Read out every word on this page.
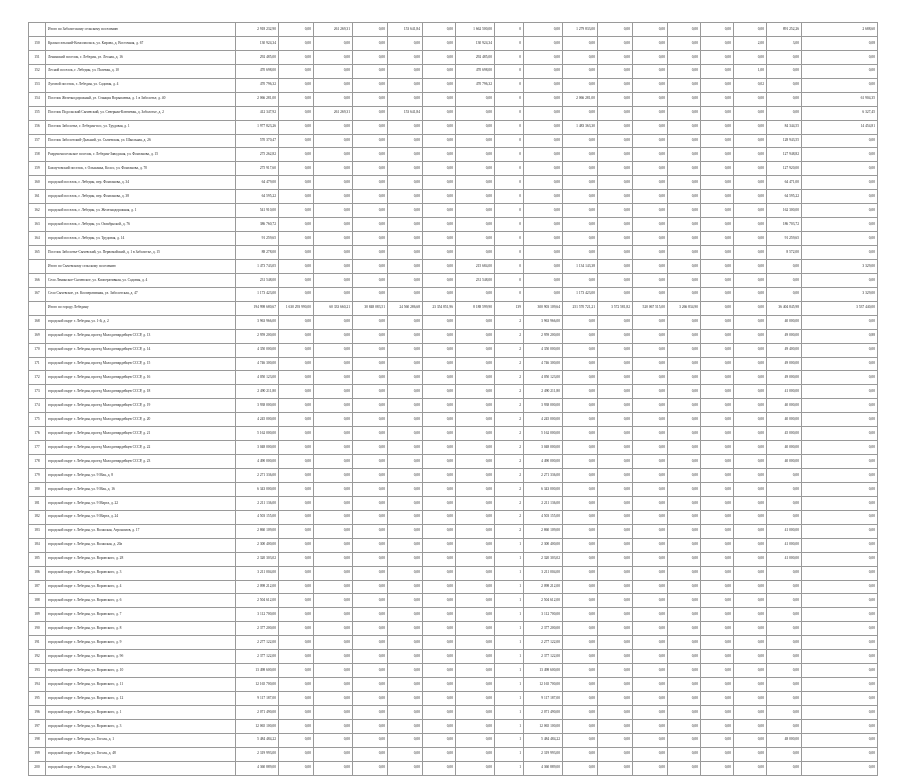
	Итого по Заболотскому сельскому поселению	2 918 232,90	0,00	261 269,31	0,00	153 641,84	0,00	1 662 500,00	0	0,00	1 279 833,00	0,00	0,00	0,00	0,00	0,00	891 252,26	2 688,60
150	Красносельский-Комсомольск, ул. Кирова, д. Восточная, д. 67	130 924,34	0,00	0,00	0,00	0,00	0,00	130 924,34	0	0,00	0,00	0,00	0,00	0,00	0,00	2,00	3,00	0,08
151	Ленинский поселок, г. Лебедин, ул. Лесная, д. 16	292 485,00	0,00	0,00	0,00	0,00	0,00	292 485,00	0	0,00	0,00	0,00	0,00	0,00	0,00	0,00	0,00	0,00
152	Лесной поселок, г. Лебедин, ул. Полевая, д. 10	470 698,00	0,00	0,00	0,00	0,00	0,00	470 698,00	0	0,00	0,00	0,00	0,00	0,00	0,00	1,00	0,00	0,00
153	Луговой поселок, г. Лебедин, ул. Садовая, д. 4	470 796,32	0,00	0,00	0,00	0,00	0,00	470 796,32	0	0,00	0,00	0,00	0,00	0,00	0,00	0,02	0,00	0,00
154	Поселок Железнодорожный, ул. Станция Ворыпаевка, д. 1 в Заболотье, д. 40	2 066 281,00	0,00	0,00	0,00	0,00	0,00	0,00	0	0,00	2 066 281,00	0,00	0,00	0,00	0,00	0,00	0,00	61 904,35
155	Поселок Подольский Сычевский, ул. Северная-Ключевая, д. Заболотье, д. 2	412 347,92	0,00	261 269,31	0,00	153 641,84	0,00	0,00	0	0,00	0,00	0,00	0,00	0,00	0,00	0,00	0,00	6 327,45
156	Поселок Заболотье, г. Лебедин-пос, ул. Трудовая, д. 1	1 977 823,26	0,00	0,00	0,00	0,00	0,00	0,00	0	0,00	1 483 363,30	0,00	0,00	0,00	0,00	0,00	84 344,55	14 454,81
157	Поселок Заболотский-Дальний, ул. Сычевская, ул. Школьная, д. 26	570 370,47	0,00	0,00	0,00	0,00	0,00	0,00	0	0,00	0,00	0,00	0,00	0,00	0,00	0,00	128 943,55	0,00
158	Разрушеносельское поселок, г. Лебедин-Заводская, ул. Фонтанова, д. 15	275 262,82	0,00	0,00	0,00	0,00	0,00	0,00	0	0,00	0,00	0,00	0,00	0,00	0,00	0,00	127 948,82	0,00
159	Бахмутовский поселок, г. Ольшанка, Колос, ул. Фонтанова, д. 70	275 917,60	0,00	0,00	0,00	0,00	0,00	0,00	0	0,00	0,00	0,00	0,00	0,00	0,00	0,00	127 920,00	0,00
160	городской поселок, г. Лебедин, пер. Фонтанова, д. 34	64 479,00	0,00	0,00	0,00	0,00	0,00	0,00	0	0,00	0,00	0,00	0,00	0,00	0,00	0,00	64 471,00	0,00
161	городской поселок, г. Лебедин, пер. Фонтанова, д. 38	64 595,22	0,00	0,00	0,00	0,00	0,00	0,00	0	0,00	0,00	0,00	0,00	0,00	0,00	0,00	64 595,22	0,00
162	городской поселок, г. Лебедин, ул. Железнодорожная, д. 1	541 910,00	0,00	0,00	0,00	0,00	0,00	0,00	0	0,00	0,00	0,00	0,00	0,00	0,00	0,00	162 300,00	0,00
163	городской поселок, г. Лебедин, ул. Октябрьской, д. 76	386 760,72	0,00	0,00	0,00	0,00	0,00	0,00	0	0,00	0,00	0,00	0,00	0,00	0,00	0,00	186 703,72	0,00
164	городской поселок, г. Лебедин, ул. Трудовая, д. 14	91 259,65	0,00	0,00	0,00	0,00	0,00	0,00	0	0,00	0,00	0,00	0,00	0,00	0,00	0,00	91 259,65	0,00
165	Поселок Заболотье-Сычевский, ул. Первомайский, д. 1 в Заболотье, д. 15	88 278,00	0,00	0,00	0,00	0,00	0,00	0,00	0	0,00	0,00	0,00	0,00	0,00	0,00	0,00	8 572,00	0,00
	Итого по Сычевскому сельскому поселению	1 473 743,05	0,00	0,00	0,00	0,00	0,00	215 684,00	0	0,00	1 134 143,38	0,00	0,00	0,00	0,00	0,00	0,00	3 329,00
166	Село Ленинское-Сычевское, ул. Кооперативная, ул. Садовая, д. 4	231 548,00	0,00	0,00	0,00	0,00	0,00	231 548,00	0	0,00	0,00	0,00	0,00	0,00	0,00	0,00	0,00	0,00
167	Село Сычевское, ул. Кооперативная, ул. Заболотская, д. 47	1 173 423,00	0,00	0,00	0,00	0,00	0,00	0,00	0	0,00	1 173 423,00	0,00	0,00	0,00	0,00	0,00	0,00	3 329,00
	Итого по городу Лебедину	194 998 680,67	1 630 293 990,00	60 333 660,21	30 848 083,51	24 560 286,68	23 354 851,96	8 188 599,90	139	300 903 109,64	251 570 721,21	3 572 581,82	520 067 515,00	3 266 834,90	0,00	0,00	36 404 845,98	3 537 440,00
168	городской округ г. Лебедин, ул. 1-й, д. 2	3 963 966,00	0,00	0,00	0,00	0,00	0,00	0,00	2	3 963 966,00	0,00	0,00	0,00	0,00	0,00	0,00	40 000,00	0,00
169	городской округ г. Лебедин, проезд Молодогвардейцев СССР, д. 13	2 959 200,00	0,00	0,00	0,00	0,00	0,00	0,00	2	2 959 200,00	0,00	0,00	0,00	0,00	0,00	0,00	49 000,00	0,88
170	городской округ г. Лебедин, проезд Молодогвардейцев СССР, д. 14	4 350 000,00	0,00	0,00	0,00	0,00	0,00	0,00	2	4 350 000,00	0,00	0,00	0,00	0,00	0,00	0,00	49 400,00	0,00
171	городской округ г. Лебедин, проезд Молодогвардейцев СССР, д. 15	4 746 300,00	0,00	0,00	0,00	0,00	0,00	0,00	2	4 746 300,00	0,00	0,00	0,00	0,00	0,00	0,00	49 000,00	0,00
172	городской округ г. Лебедин, проезд Молодогвардейцев СССР, д. 16	4 050 123,00	0,00	0,00	0,00	0,00	0,00	0,00	2	4 050 123,00	0,00	0,00	0,00	0,00	0,00	0,00	49 000,00	0,00
173	городской округ г. Лебедин, проезд Молодогвардейцев СССР, д. 18	2 490 211,80	0,00	0,00	0,00	0,00	0,00	0,00	2	2 490 211,80	0,00	0,00	0,00	0,00	0,00	0,00	41 000,00	0,00
174	городской округ г. Лебедин, проезд Молодогвардейцев СССР, д. 19	3 938 000,00	0,00	0,00	0,00	0,00	0,00	0,00	2	3 938 000,00	0,00	0,00	0,00	0,00	0,00	0,00	40 000,00	0,00
175	городской округ г. Лебедин, проезд Молодогвардейцев СССР, д. 20	4 245 000,00	0,00	0,00	0,00	0,00	0,00	0,00	2	4 245 000,00	0,00	0,00	0,00	0,00	0,00	0,00	40 000,00	0,00
176	городской округ г. Лебедин, проезд Молодогвардейцев СССР, д. 21	5 162 000,00	0,00	0,00	0,00	0,00	0,00	0,00	2	5 162 000,00	0,00	0,00	0,00	0,00	0,00	0,00	45 000,00	0,00
177	городской округ г. Лебедин, проезд Молодогвардейцев СССР, д. 22	3 048 000,00	0,00	0,00	0,00	0,00	0,00	0,00	2	3 048 000,00	0,00	0,00	0,00	0,00	0,00	0,00	40 000,00	0,00
178	городской округ г. Лебедин, проезд Молодогвардейцев СССР, д. 23	4 490 000,00	0,00	0,00	0,00	0,00	0,00	0,00	2	4 490 000,00	0,00	0,00	0,00	0,00	0,00	0,00	40 000,00	0,00
179	городской округ г. Лебедин, ул. 9 Мая, д. 8	2 271 336,00	0,00	0,00	0,00	0,00	0,00	0,00	2	2 271 336,00	0,00	0,00	0,00	0,00	0,00	0,00	0,00	0,00
180	городской округ г. Лебедин, ул. 9 Мая, д. 16	6 343 000,00	0,00	0,00	0,00	0,00	0,00	0,00	2	6 343 000,00	0,00	0,00	0,00	0,00	0,00	0,00	0,00	0,00
181	городской округ г. Лебедин, ул. 9 Марта, д. 22	2 211 136,00	0,00	0,00	0,00	0,00	0,00	0,00	2	2 211 136,00	0,00	0,00	0,00	0,00	0,00	0,00	0,00	0,00
182	городской округ г. Лебедин, ул. 9 Марта, д. 24	4 503 155,00	0,00	0,00	0,00	0,00	0,00	0,00	2	4 503 155,00	0,00	0,00	0,00	0,00	0,00	0,00	0,00	0,00
183	городской округ г. Лебедин, ул. Волжская, Агрономов, д. 17	2 860 109,00	0,00	0,00	0,00	0,00	0,00	0,00	2	2 860 109,00	0,00	0,00	0,00	0,00	0,00	0,00	41 000,00	0,00
184	городской округ г. Лебедин, ул. Волжская, д. 20а	2 300 400,00	0,00	0,00	0,00	0,00	0,00	0,00	1	2 300 400,00	0,00	0,00	0,00	0,00	0,00	0,00	41 000,00	0,00
185	городской округ г. Лебедин, ул. Воровского, д. 28	2 320 303,02	0,00	0,00	0,00	0,00	0,00	0,00	1	2 320 303,02	0,00	0,00	0,00	0,00	0,00	0,00	41 000,00	0,00
186	городской округ г. Лебедин, ул. Воровского, д. 3	3 211 004,00	0,00	0,00	0,00	0,00	0,00	0,00	1	3 211 004,00	0,00	0,00	0,00	0,00	0,00	0,00	0,00	0,00
187	городской округ г. Лебедин, ул. Воровского, д. 4	2 098 212,00	0,00	0,00	0,00	0,00	0,00	0,00	1	2 098 212,00	0,00	0,00	0,00	0,00	0,00	0,00	0,00	0,00
188	городской округ г. Лебедин, ул. Воровского, д. 6	2 504 612,00	0,00	0,00	0,00	0,00	0,00	0,00	1	2 504 612,00	0,00	0,00	0,00	0,00	0,00	0,00	0,00	0,00
189	городской округ г. Лебедин, ул. Воровского, д. 7	3 112 700,00	0,00	0,00	0,00	0,00	0,00	0,00	1	3 112 700,00	0,00	0,00	0,00	0,00	0,00	0,00	0,00	0,00
190	городской округ г. Лебедин, ул. Воровского, д. 8	2 377 200,00	0,00	0,00	0,00	0,00	0,00	0,00	1	2 377 200,00	0,00	0,00	0,00	0,00	0,00	0,00	0,00	0,00
191	городской округ г. Лебедин, ул. Воровского, д. 9	2 277 122,00	0,00	0,00	0,00	0,00	0,00	0,00	1	2 277 122,00	0,00	0,00	0,00	0,00	0,00	0,00	0,00	0,00
192	городской округ г. Лебедин, ул. Воровского, д. 9б	2 377 122,00	0,00	0,00	0,00	0,00	0,00	0,00	1	2 377 122,00	0,00	0,00	0,00	0,00	0,00	0,00	0,00	0,00
193	городской округ г. Лебедин, ул. Воровского, д. 10	13 498 600,00	0,00	0,00	0,00	0,00	0,00	0,00	1	13 498 600,00	0,00	0,00	0,00	0,00	0,00	0,00	0,00	0,00
194	городской округ г. Лебедин, ул. Воровского, д. 11	12 165 700,00	0,00	0,00	0,00	0,00	0,00	0,00	1	12 165 700,00	0,00	0,00	0,00	0,00	0,00	0,00	0,00	0,00
195	городской округ г. Лебедин, ул. Воровского, д. 12	9 117 187,00	0,00	0,00	0,00	0,00	0,00	0,00	1	9 117 187,00	0,00	0,00	0,00	0,00	0,00	0,00	0,00	0,00
196	городской округ г. Лебедин, ул. Воровского, д. 1	2 071 490,00	0,00	0,00	0,00	0,00	0,00	0,00	1	2 071 490,00	0,00	0,00	0,00	0,00	0,00	0,00	0,00	0,00
197	городской округ г. Лебедин, ул. Воровского, д. 3	12 065 100,00	0,00	0,00	0,00	0,00	0,00	0,00	1	12 065 100,00	0,00	0,00	0,00	0,00	0,00	0,00	0,00	0,00
198	городской округ г. Лебедин, ул. Гоголя, д. 1	5 484 484,22	0,00	0,00	0,00	0,00	0,00	0,00	1	5 484 484,22	0,00	0,00	0,00	0,00	0,00	0,00	48 000,00	0,00
199	городской округ г. Лебедин, ул. Гоголя, д. 48	2 319 993,00	0,00	0,00	0,00	0,00	0,00	0,00	1	2 319 993,00	0,00	0,00	0,00	0,00	0,00	0,00	0,00	0,00
200	городской округ г. Лебедин, ул. Гоголя, д. 50	4 360 889,00	0,00	0,00	0,00	0,00	0,00	0,00	1	4 360 889,00	0,00	0,00	0,00	0,00	0,00	0,00	0,00	0,00
